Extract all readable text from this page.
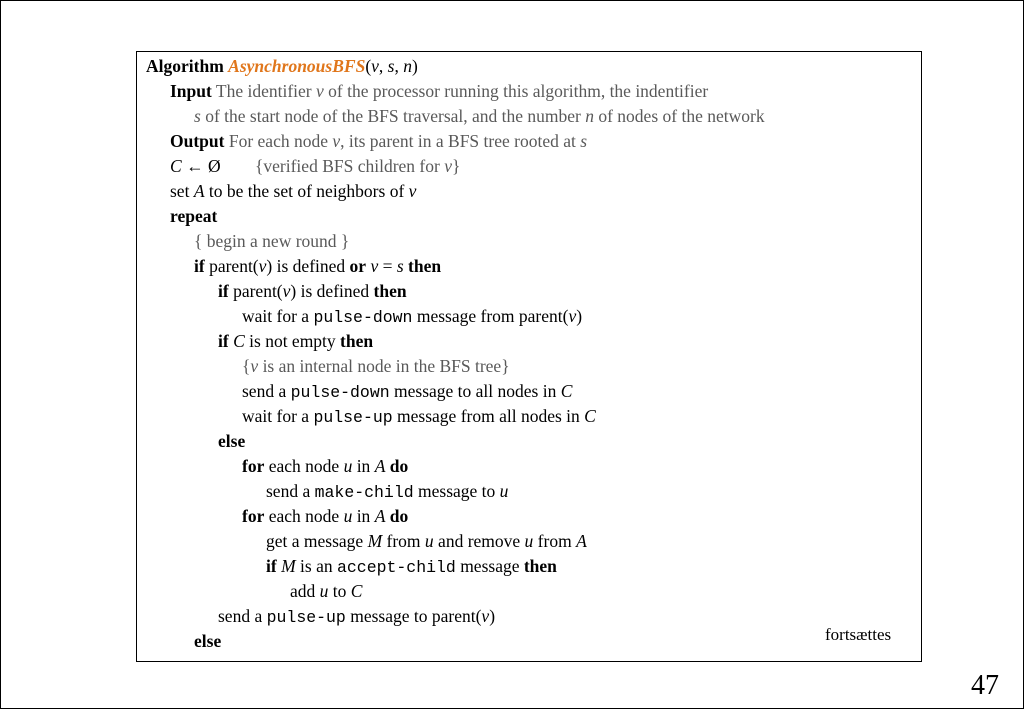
Algorithm AsynchronousBFS(v, s, n)
Input The identifier v of the processor running this algorithm, the indentifier
s of the start node of the BFS traversal, and the number n of nodes of the network
Output For each node v, its parent in a BFS tree rooted at s
C ← Ø {verified BFS children for v}
set A to be the set of neighbors of v
repeat
{ begin a new round }
if parent(v) is defined or v = s then
if parent(v) is defined then
wait for a pulse-down message from parent(v)
if C is not empty then
{v is an internal node in the BFS tree}
send a pulse-down message to all nodes in C
wait for a pulse-up message from all nodes in C
else
for each node u in A do
send a make-child message to u
for each node u in A do
get a message M from u and remove u from A
if M is an accept-child message then
add u to C
send a pulse-up message to parent(v)
else	fortsættes
47
